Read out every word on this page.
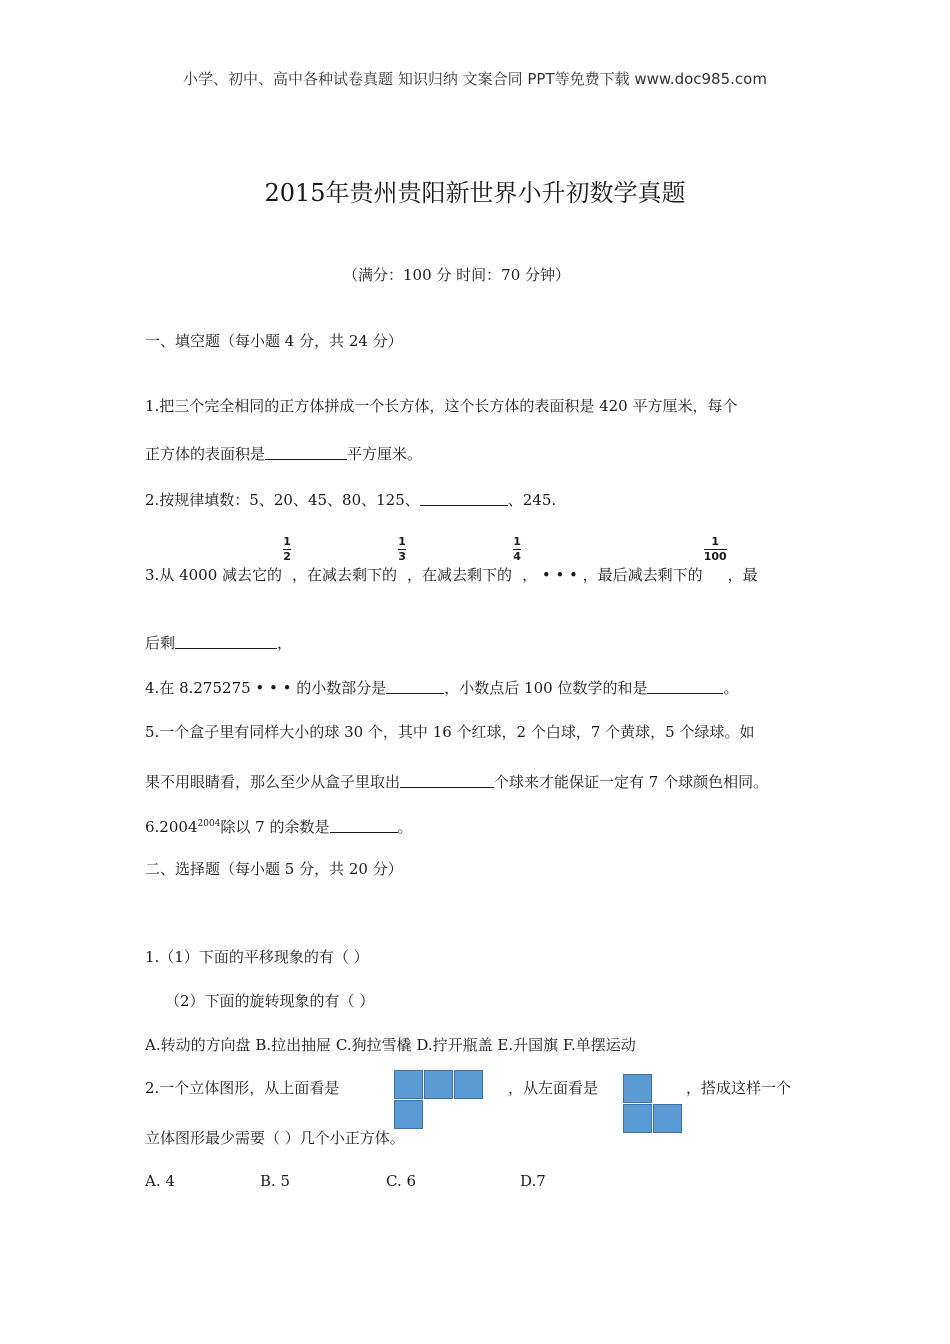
小学、初中、高中各种试卷真题 知识归纳 文案合同 PPT等免费下载 www.doc985.com
2015年贵州贵阳新世界小升初数学真题
（满分：100 分 时间：70 分钟）
一、填空题（每小题 4 分，共 24 分）
1.把三个完全相同的正方体拼成一个长方体，这个长方体的表面积是 420 平方厘米，每个
正方体的表面积是	平方厘米。
2.按规律填数：5、20、45、80、125、	、245.
3.从 4000 减去它的
$\frac{1}{2}$
，在减去剩下的
$\frac{1}{3}$
，在减去剩下的
$\frac{1}{4}$
， • • • ，最后减去剩下的
$\frac{1}{100}$
，最
后剩	，
4.在 8.275275 • • • 的小数部分是	，小数点后 100 位数学的和是	。
5.一个盒子里有同样大小的球 30 个，其中 16 个红球，2 个白球，7 个黄球，5 个绿球。如
果不用眼睛看，那么至少从盒子里取出	个球来才能保证一定有 7 个球颜色相同。
$6.2004^{2004}$除以 7 的余数是	。
二、选择题（每小题 5 分，共 20 分）
1.（1）下面的平移现象的有（ ）
（2）下面的旋转现象的有（ ）
A.转动的方向盘 B.拉出抽屉 C.狗拉雪橇 D.拧开瓶盖 E.升国旗 F.单摆运动
2.一个立体图形，从上面看是	，从左面看是	，搭成这样一个
立体图形最少需要（ ）几个小正方体。
A. 4	B. 5	C. 6	D.7
